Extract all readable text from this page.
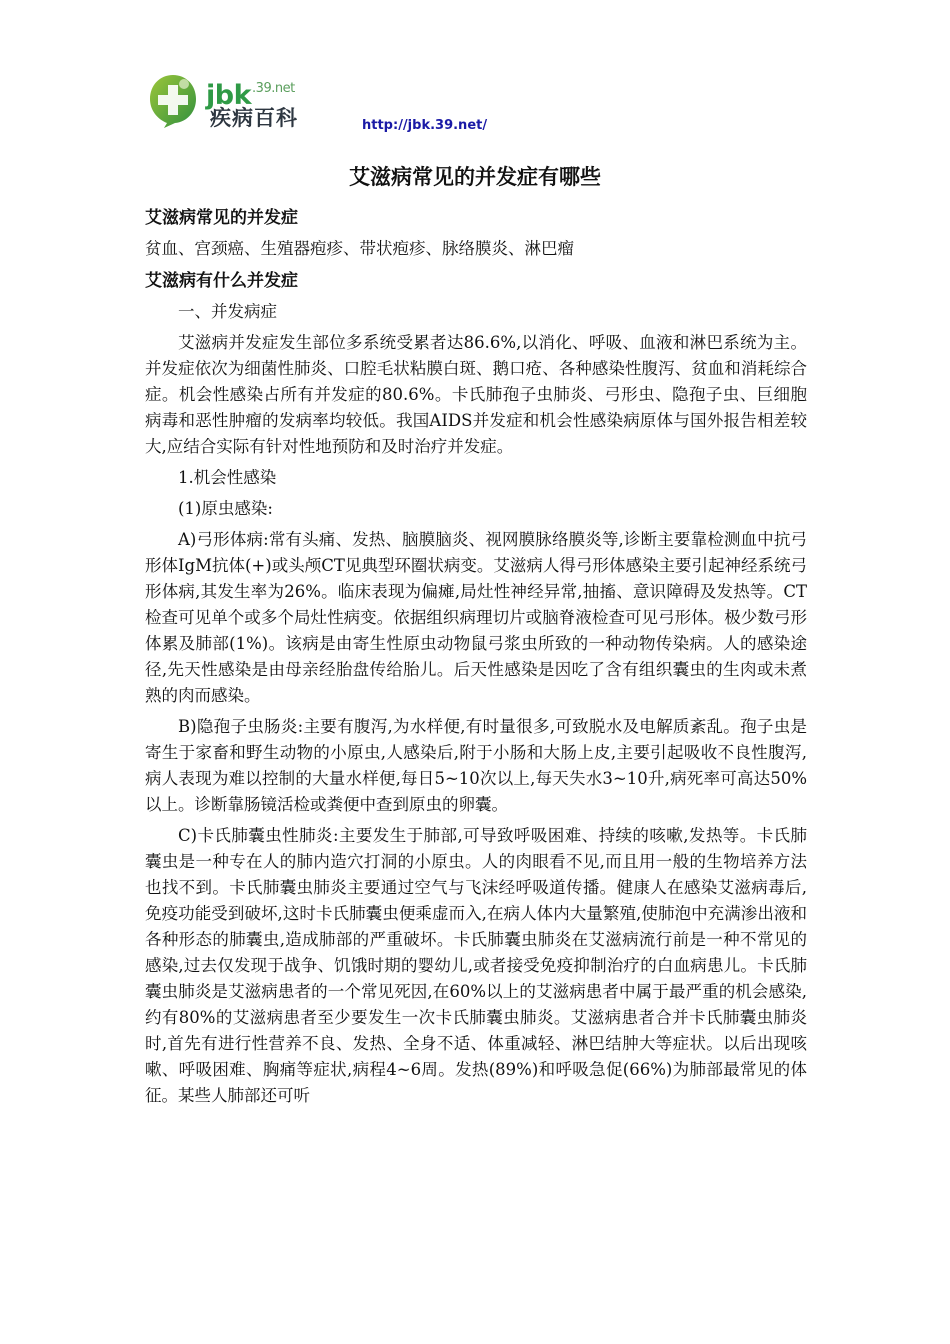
jbk$^{.39.net}$
疾病百科	http://jbk.39.net/
艾滋病常见的并发症有哪些
艾滋病常见的并发症

贫血、宫颈癌、生殖器疱疹、带状疱疹、脉络膜炎、淋巴瘤

艾滋病有什么并发症

一、并发病症

艾滋病并发症发生部位多系统受累者达86.6%,以消化、呼吸、血液和淋巴系统为主。并发症依次为细菌性肺炎、口腔毛状粘膜白斑、鹅口疮、各种感染性腹泻、贫血和消耗综合症。机会性感染占所有并发症的80.6%。卡氏肺孢子虫肺炎、弓形虫、隐孢子虫、巨细胞病毒和恶性肿瘤的发病率均较低。我国AIDS并发症和机会性感染病原体与国外报告相差较大,应结合实际有针对性地预防和及时治疗并发症。

1.机会性感染

(1)原虫感染:

A)弓形体病:常有头痛、发热、脑膜脑炎、视网膜脉络膜炎等,诊断主要靠检测血中抗弓形体IgM抗体(+)或头颅CT见典型环圈状病变。艾滋病人得弓形体感染主要引起神经系统弓形体病,其发生率为26%。临床表现为偏瘫,局灶性神经异常,抽搐、意识障碍及发热等。CT检查可见单个或多个局灶性病变。依据组织病理切片或脑脊液检查可见弓形体。极少数弓形体累及肺部(1%)。该病是由寄生性原虫动物鼠弓浆虫所致的一种动物传染病。人的感染途径,先天性感染是由母亲经胎盘传给胎儿。后天性感染是因吃了含有组织囊虫的生肉或未煮熟的肉而感染。

B)隐孢子虫肠炎:主要有腹泻,为水样便,有时量很多,可致脱水及电解质紊乱。孢子虫是寄生于家畜和野生动物的小原虫,人感染后,附于小肠和大肠上皮,主要引起吸收不良性腹泻,病人表现为难以控制的大量水样便,每日5~10次以上,每天失水3~10升,病死率可高达50%以上。诊断靠肠镜活检或粪便中查到原虫的卵囊。

C)卡氏肺囊虫性肺炎:主要发生于肺部,可导致呼吸困难、持续的咳嗽,发热等。卡氏肺囊虫是一种专在人的肺内造穴打洞的小原虫。人的肉眼看不见,而且用一般的生物培养方法也找不到。卡氏肺囊虫肺炎主要通过空气与飞沫经呼吸道传播。健康人在感染艾滋病毒后,免疫功能受到破坏,这时卡氏肺囊虫便乘虚而入,在病人体内大量繁殖,使肺泡中充满渗出液和各种形态的肺囊虫,造成肺部的严重破坏。卡氏肺囊虫肺炎在艾滋病流行前是一种不常见的感染,过去仅发现于战争、饥饿时期的婴幼儿,或者接受免疫抑制治疗的白血病患儿。卡氏肺囊虫肺炎是艾滋病患者的一个常见死因,在60%以上的艾滋病患者中属于最严重的机会感染,约有80%的艾滋病患者至少要发生一次卡氏肺囊虫肺炎。艾滋病患者合并卡氏肺囊虫肺炎时,首先有进行性营养不良、发热、全身不适、体重减轻、淋巴结肿大等症状。以后出现咳嗽、呼吸困难、胸痛等症状,病程4~6周。发热(89%)和呼吸急促(66%)为肺部最常见的体征。某些人肺部还可听
